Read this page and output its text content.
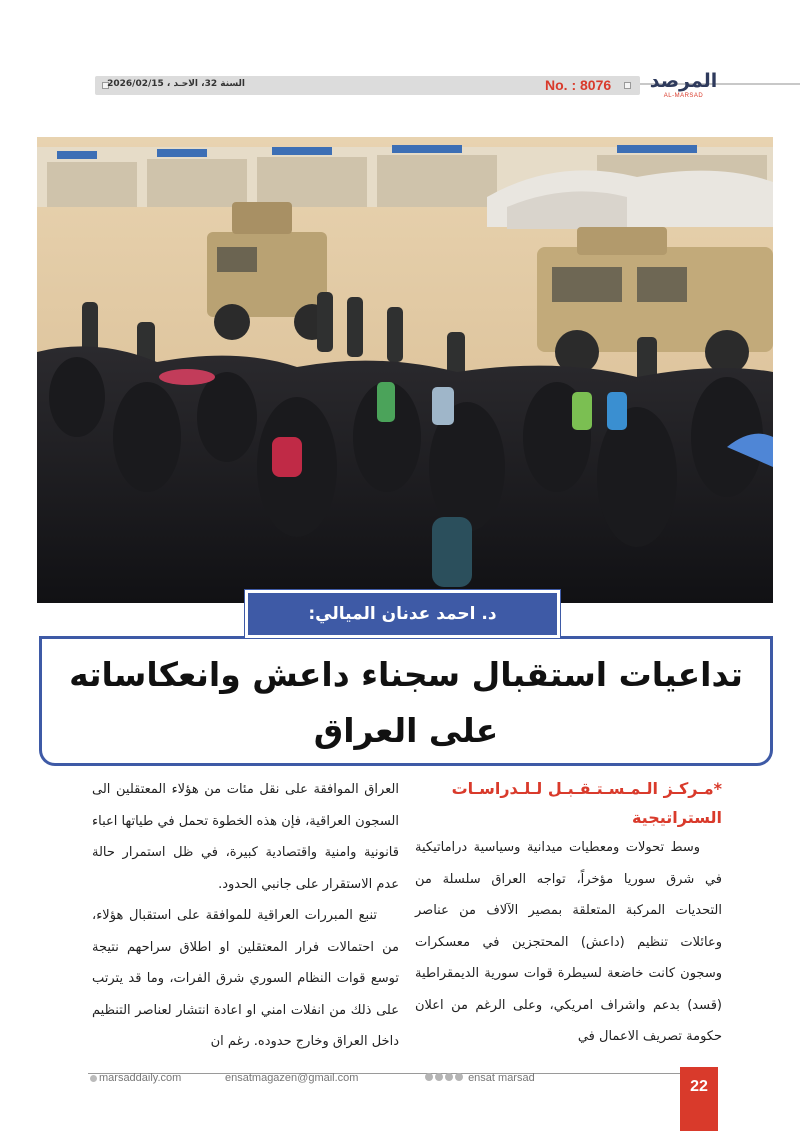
السنة 32، الاحـد ، 2026/02/15	No. : 8076 المرصد
AL-MARSAD
تداعيات استقبال سجناء داعش وانعكاساته على العراق
د. احمد عدنان الميالي:

*مـركـز الـمـسـتـقـبـل لـلـدراسـات الستراتيجية

وسط تحولات ومعطيات ميدانية وسياسية دراماتيكية في شرق سوريا مؤخراً، تواجه العراق سلسلة من التحديات المركبة المتعلقة بمصير الآلاف من عناصر وعائلات تنظيم (داعش) المحتجزين في معسكرات وسجون كانت خاضعة لسيطرة قوات سورية الديمقراطية (قسد) بدعم واشراف امريكي، وعلى الرغم من اعلان حكومة تصريف الاعمال في

العراق الموافقة على نقل مئات من هؤلاء المعتقلين الى السجون العراقية، فإن هذه الخطوة تحمل في طياتها اعباء قانونية وامنية واقتصادية كبيرة، في ظل استمرار حالة عدم الاستقرار على جانبي الحدود.

تنبع المبررات العراقية للموافقة على استقبال هؤلاء، من احتمالات فرار المعتقلين او اطلاق سراحهم نتيجة توسع قوات النظام السوري شرق الفرات، وما قد يترتب على ذلك من انفلات امني او اعادة انتشار لعناصر التنظيم داخل العراق وخارج حدوده. رغم ان

marsaddaily.com	ensatmagazen@gmail.com	ensat marsad	22
